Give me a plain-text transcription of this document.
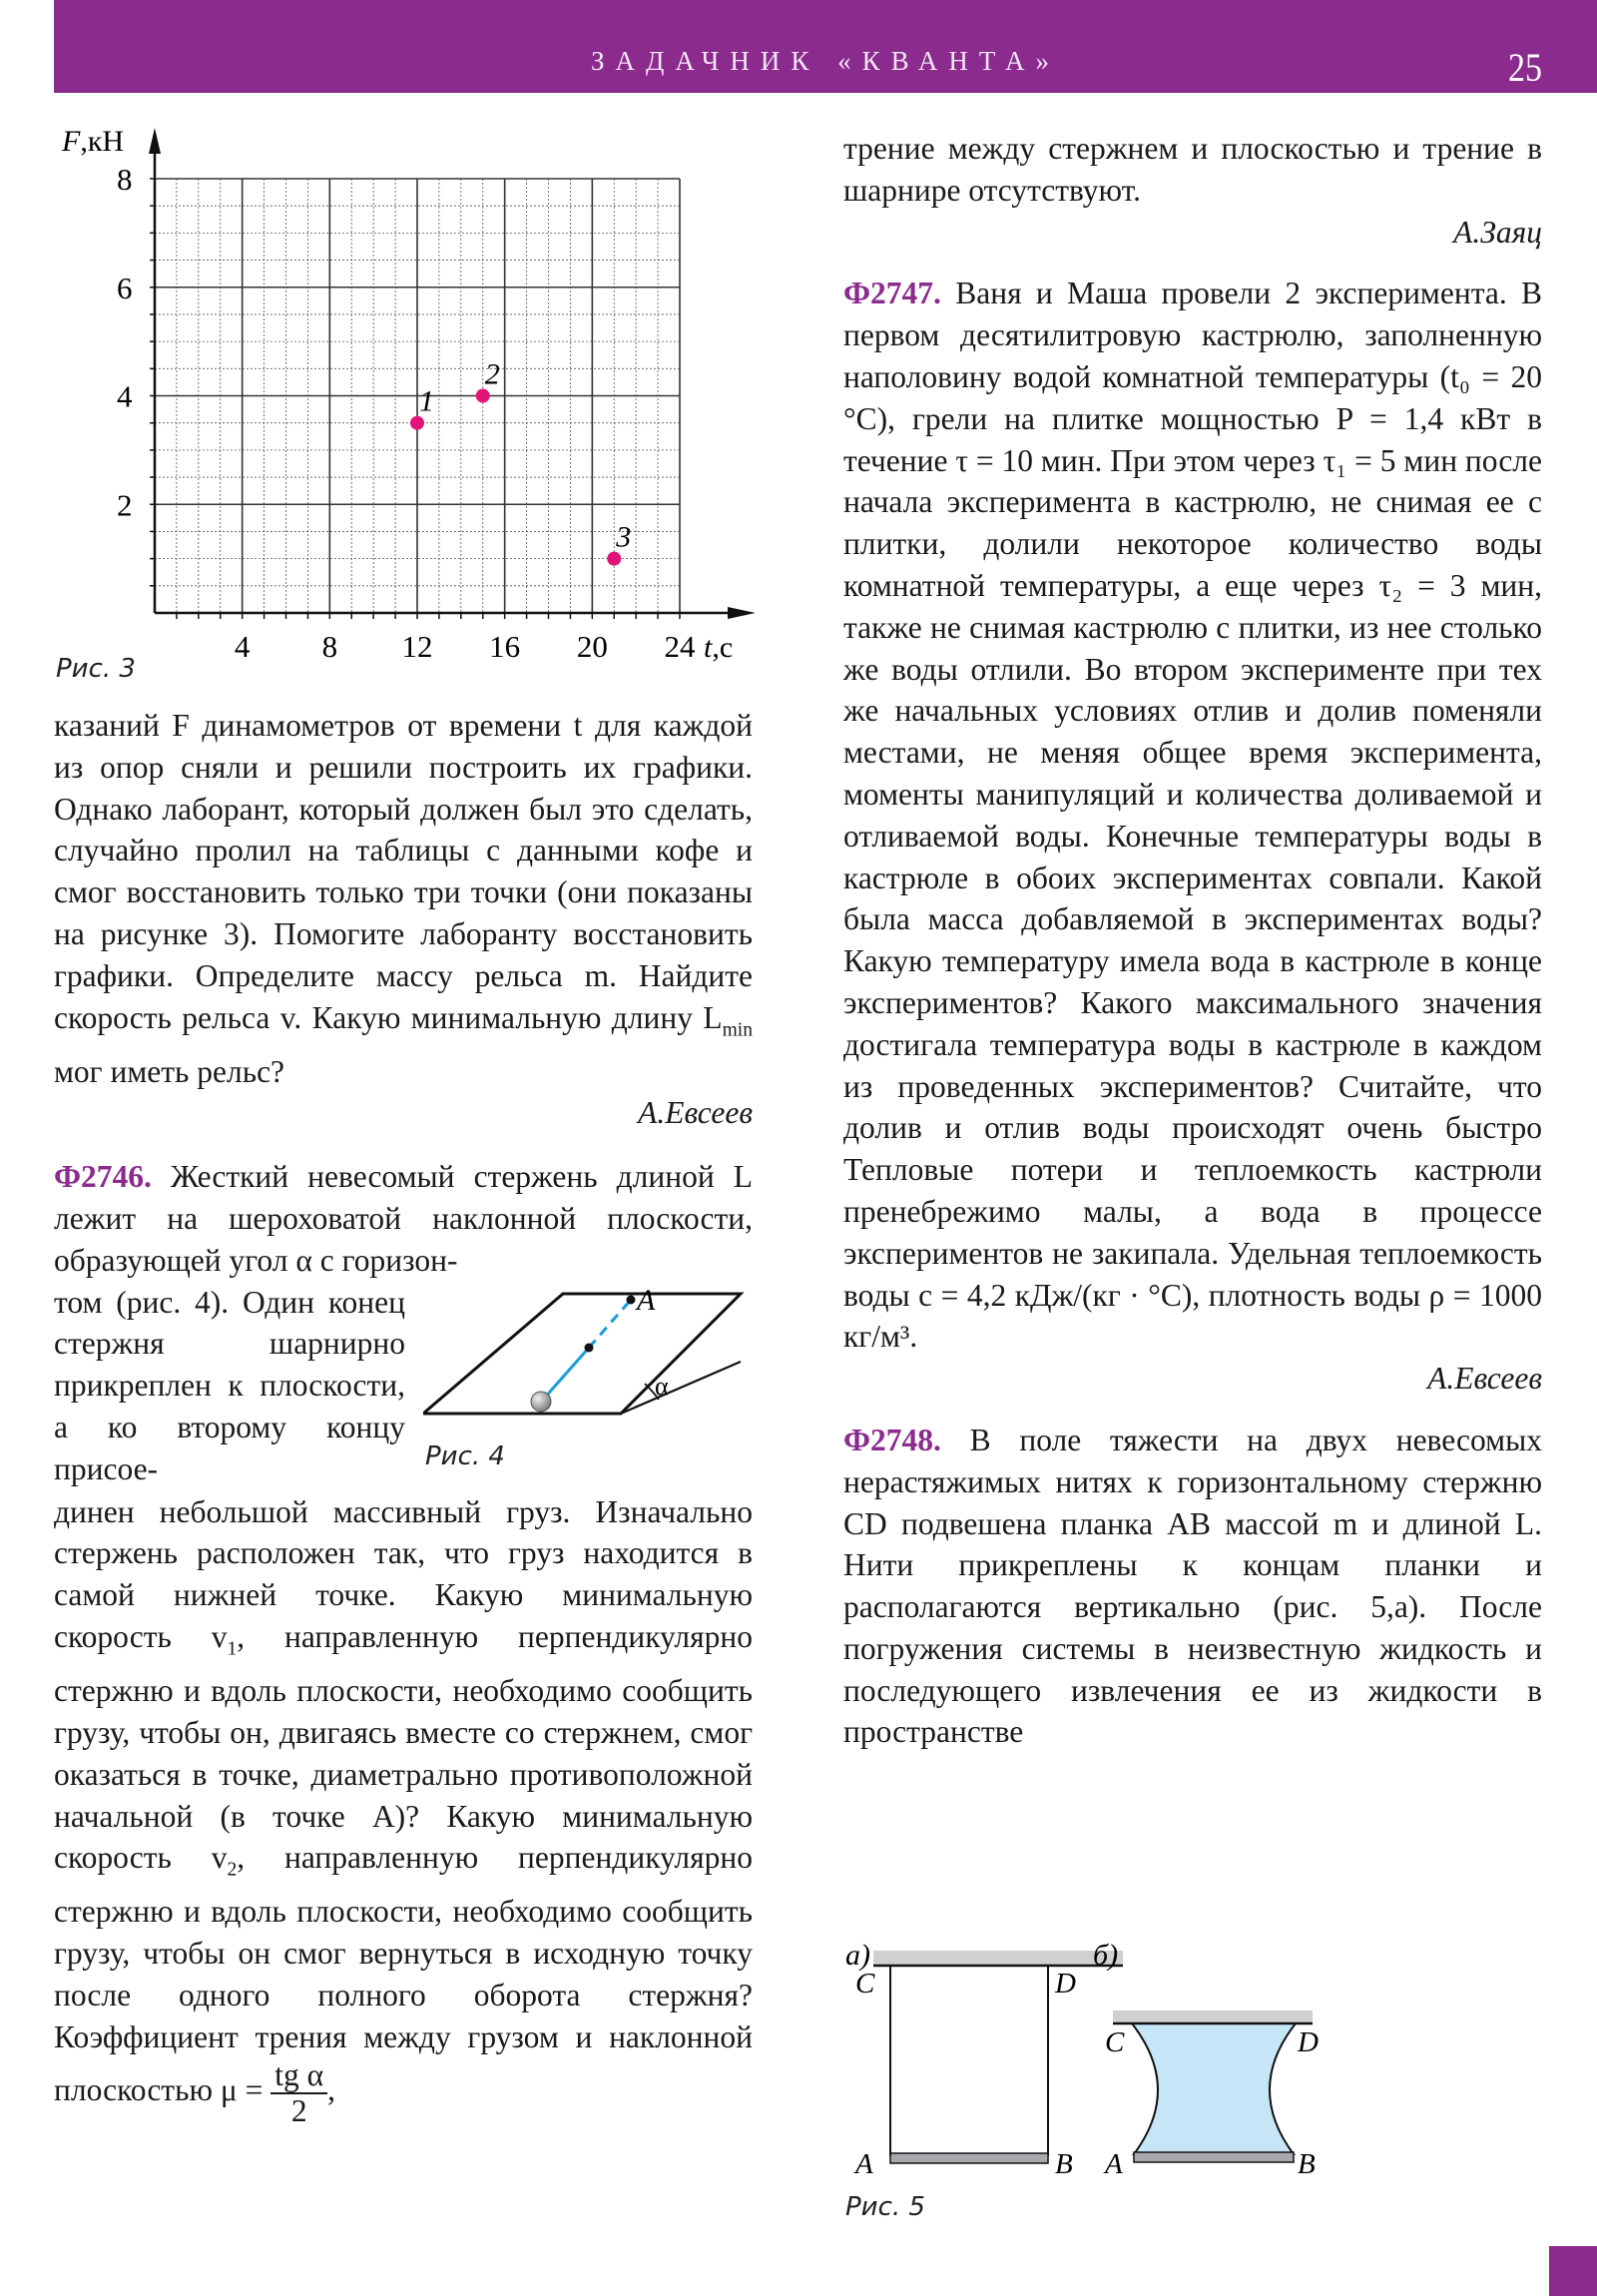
ЗАДАЧНИК «КВАНТА»	25
2
4
6
8
4 8 12 16 20 24
F,кН
t,c
1
2
3
Рис. 3

казаний F динамометров от времени t для каждой из опор сняли и решили построить их графики. Однако лаборант, который должен был это сделать, случайно пролил на таблицы с данными кофе и смог восстановить только три точки (они показаны на рисунке 3). Помогите лаборанту восстановить графики. Определите массу рельса m. Найдите скорость рельса v. Какую минимальную длину $L_{min}$ мог иметь рельс?

А.Евсеев

Ф2746. Жесткий невесомый стержень длиной L лежит на шероховатой наклонной плоскости, образующей угол α с горизон-

том (рис. 4). Один конец стержня шарнирно прикреплен к плоскости, а ко второму концу присое-

A
α
Рис. 4

динен небольшой массивный груз. Изначально стержень расположен так, что груз находится в самой нижней точке. Какую минимальную скорость $v_1$, направленную перпендикулярно стержню и вдоль плоскости, необходимо сообщить грузу, чтобы он, двигаясь вместе со стержнем, смог оказаться в точке, диаметрально противоположной начальной (в точке A)? Какую минимальную скорость $v_2$, направленную перпендикулярно стержню и вдоль плоскости, необходимо сообщить грузу, чтобы он смог вернуться в исходную точку после одного полного оборота стержня? Коэффициент трения между грузом и наклонной плоскостью $\mu = \frac{\text{tg α}}{2}$ ,

трение между стержнем и плоскостью и трение в шарнире отсутствуют.

А.Заяц

Ф2747. Ваня и Маша провели 2 эксперимента. В первом десятилитровую кастрюлю, заполненную наполовину водой комнатной температуры (t₀ = 20 °C), грели на плитке мощностью P = 1,4 кВт в течение τ = 10 мин. При этом через τ₁ = 5 мин после начала эксперимента в кастрюлю, не снимая ее с плитки, долили некоторое количество воды комнатной температуры, а еще через τ₂ = 3 мин, также не снимая кастрюлю с плитки, из нее столько же воды отлили. Во втором эксперименте при тех же начальных условиях отлив и долив поменяли местами, не меняя общее время эксперимента, моменты манипуляций и количества доливаемой и отливаемой воды. Конечные температуры воды в кастрюле в обоих экспериментах совпали. Какой была масса добавляемой в экспериментах воды? Какую температуру имела вода в кастрюле в конце экспериментов? Какого максимального значения достигала температура воды в кастрюле в каждом из проведенных экспериментов? Считайте, что долив и отлив воды происходят очень быстро Тепловые потери и теплоемкость кастрюли пренебрежимо малы, а вода в процессе экспериментов не закипала. Удельная теплоемкость воды c = 4,2 кДж/(кг · °C), плотность воды ρ = 1000 кг/м³.

А.Евсеев

Ф2748. В поле тяжести на двух невесомых нерастяжимых нитях к горизонтальному стержню CD подвешена планка AB массой m и длиной L. Нити прикреплены к концам планки и располагаются вертикально (рис. 5,а). После погружения системы в неизвестную жидкость и последующего извлечения ее из жидкости в пространстве

а)
C	D
A	B
б)
C	D
A	B
Рис. 5
